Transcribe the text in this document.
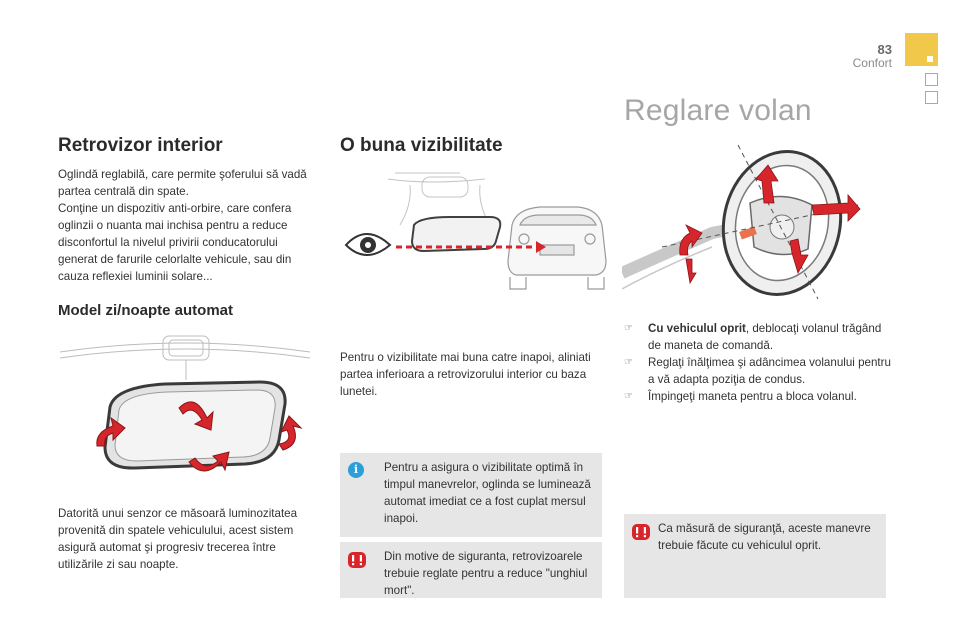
83
Confort
Retrovizor interior

Oglindă reglabilă, care permite şoferului să vadă partea centrală din spate.

Conţine un dispozitiv anti-orbire, care confera oglinzii o nuanta mai inchisa pentru a reduce disconfortul la nivelul privirii conducatorului generat de farurile celorlalte vehicule, sau din cauza reflexiei luminii solare...

Model zi/noapte automat
Datorită unui senzor ce măsoară luminozitatea provenită din spatele vehiculului, acest sistem asigură automat şi progresiv trecerea între utilizările zi sau noapte.
O buna vizibilitate
Pentru o vizibilitate mai buna catre inapoi, aliniati partea inferioara a retrovizorului interior cu baza lunetei.
i	Pentru a asigura o vizibilitate optimă în timpul manevrelor, oglinda se luminează automat imediat ce a fost cuplat mersul inapoi.
Din motive de siguranta, retrovizoarele trebuie reglate pentru a reduce "unghiul mort".
Reglare volan
☞ Cu vehiculul oprit, deblocaţi volanul trăgând de maneta de comandă.
☞ Reglaţi înălţimea şi adâncimea volanului pentru a vă adapta poziţia de condus.
☞ Împingeţi maneta pentru a bloca volanul.
Ca măsură de siguranţă, aceste manevre trebuie făcute cu vehiculul oprit.
